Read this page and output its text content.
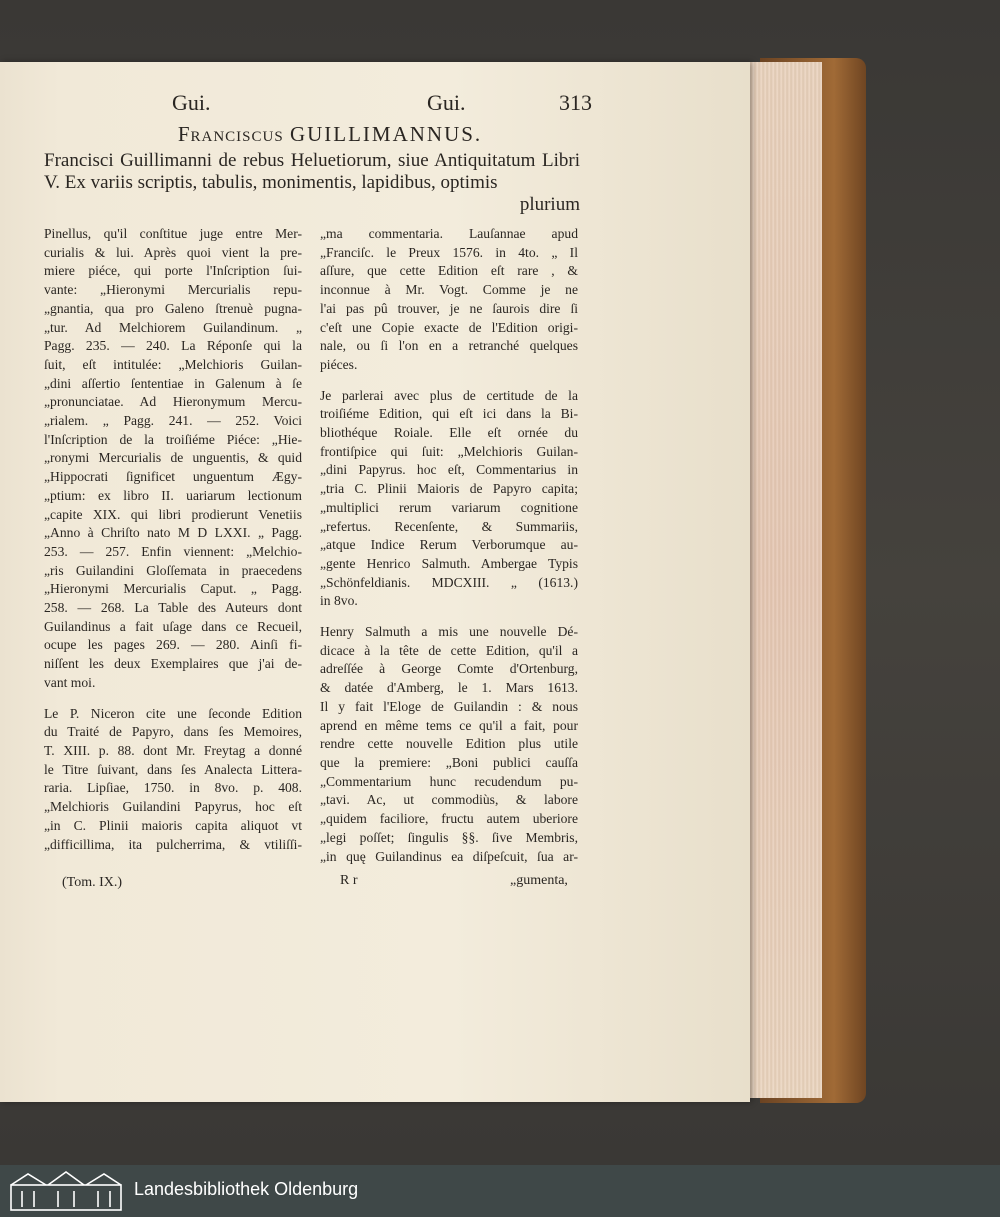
Gui.	Gui.	313
Franciscus GUILLIMANNUS.
Francisci Guillimanni de rebus Heluetiorum, siue Antiquitatum Libri V. Ex variis scriptis, tabulis, monimentis, lapidibus, optimis
plurium

Pinellus, qu'il conſtitue juge entre Mer-
curialis & lui. Après quoi vient la pre-
miere piéce, qui porte l'Inſcription ſui-
vante: „Hieronymi Mercurialis repu-
„gnantia, qua pro Galeno ſtrenuè pugna-
„tur. Ad Melchiorem Guilandinum. „
Pagg. 235. — 240. La Réponſe qui la
ſuit, eſt intitulée: „Melchioris Guilan-
„dini aſſertio ſententiae in Galenum à ſe
„pronunciatae. Ad Hieronymum Mercu-
„rialem. „ Pagg. 241. — 252. Voici
l'Inſcription de la troiſiéme Piéce: „Hie-
„ronymi Mercurialis de unguentis, & quid
„Hippocrati ſignificet unguentum Ægy-
„ptium: ex libro II. uariarum lectionum
„capite XIX. qui libri prodierunt Venetiis
„Anno à Chriſto nato M D LXXI. „ Pagg.
253. — 257. Enfin viennent: „Melchio-
„ris Guilandini Gloſſemata in praecedens
„Hieronymi Mercurialis Caput. „ Pagg.
258. — 268. La Table des Auteurs dont
Guilandinus a fait uſage dans ce Recueil,
ocupe les pages 269. — 280. Ainſi fi-
niſſent les deux Exemplaires que j'ai de-
vant moi.

Le P. Niceron cite une ſeconde Edition
du Traité de Papyro, dans ſes Memoires,
T. XIII. p. 88. dont Mr. Freytag a donné
le Titre ſuivant, dans ſes Analecta Litterа-
raria. Lipſiae, 1750. in 8vo. p. 408.
„Melchioris Guilandini Papyrus, hoc eſt
„in C. Plinii maioris capita aliquot vt
„difficillima, ita pulcherrima, & vtiliſſi-

„ma commentaria. Lauſannae apud
„Franciſc. le Preux 1576. in 4to. „ Il
aſſure, que cette Edition eſt rare , &
inconnue à Mr. Vogt. Comme je ne
l'ai pas pû trouver, je ne ſaurois dire ſi
c'eſt une Copie exacte de l'Edition origi-
nale, ou ſi l'on en a retranché quelques
piéces.

Je parlerai avec plus de certitude de la
troiſiéme Edition, qui eſt ici dans la Bi-
bliothéque Roiale. Elle eſt ornée du
frontiſpice qui ſuit: „Melchioris Guilan-
„dini Papyrus. hoc eſt, Commentarius in
„tria C. Plinii Maioris de Papyro capita;
„multiplici rerum variarum cognitione
„refertus. Recenſente, & Summariis,
„atque Indice Rerum Verborumque au-
„gente Henrico Salmuth. Ambergae Typis
„Schönfeldianis. MDCXIII. „ (1613.)
in 8vo.

Henry Salmuth a mis une nouvelle Dé-
dicace à la tête de cette Edition, qu'il a
adreſſée à George Comte d'Ortenburg,
& datée d'Amberg, le 1. Mars 1613.
Il y fait l'Eloge de Guilandin : & nous
aprend en même tems ce qu'il a fait, pour
rendre cette nouvelle Edition plus utile
que la premiere: „Boni publici cauſſa
„Commentarium hunc recudendum pu-
„tavi. Ac, ut commodiùs, & labore
„quidem faciliore, fructu autem uberiore
„legi poſſet; ſingulis §§. ſive Membris,
„in quę Guilandinus ea diſpeſcuit, ſua ar-

(Tom. IX.)	R r	„gumenta,
Landesbibliothek Oldenburg
